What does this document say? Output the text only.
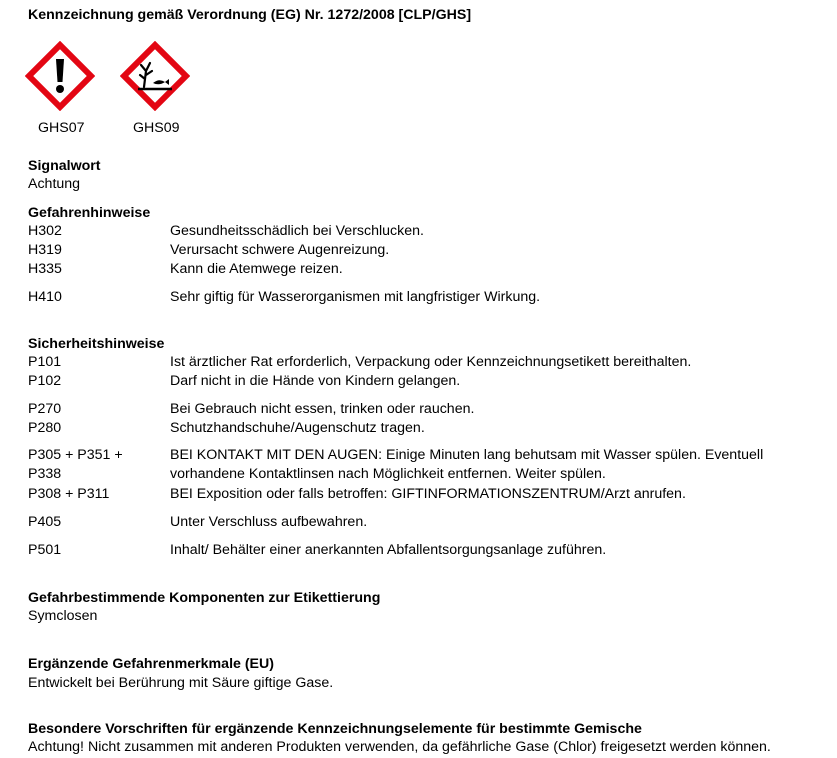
Kennzeichnung gemäß Verordnung (EG) Nr. 1272/2008 [CLP/GHS]
GHS07	GHS09
Signalwort
Achtung
Gefahrenhinweise
H302	Gesundheitsschädlich bei Verschlucken.
H319	Verursacht schwere Augenreizung.
H335	Kann die Atemwege reizen.
H410	Sehr giftig für Wasserorganismen mit langfristiger Wirkung.
Sicherheitshinweise
P101	Ist ärztlicher Rat erforderlich, Verpackung oder Kennzeichnungsetikett bereithalten.
P102	Darf nicht in die Hände von Kindern gelangen.
P270	Bei Gebrauch nicht essen, trinken oder rauchen.
P280	Schutzhandschuhe/Augenschutz tragen.
P305 + P351 +	BEI KONTAKT MIT DEN AUGEN: Einige Minuten lang behutsam mit Wasser spülen. Eventuell
P338	vorhandene Kontaktlinsen nach Möglichkeit entfernen. Weiter spülen.
P308 + P311	BEI Exposition oder falls betroffen: GIFTINFORMATIONSZENTRUM/Arzt anrufen.
P405	Unter Verschluss aufbewahren.
P501	Inhalt/ Behälter einer anerkannten Abfallentsorgungsanlage zuführen.
Gefahrbestimmende Komponenten zur Etikettierung
Symclosen
Ergänzende Gefahrenmerkmale (EU)
Entwickelt bei Berührung mit Säure giftige Gase.
Besondere Vorschriften für ergänzende Kennzeichnungselemente für bestimmte Gemische
Achtung! Nicht zusammen mit anderen Produkten verwenden, da gefährliche Gase (Chlor) freigesetzt werden können.
